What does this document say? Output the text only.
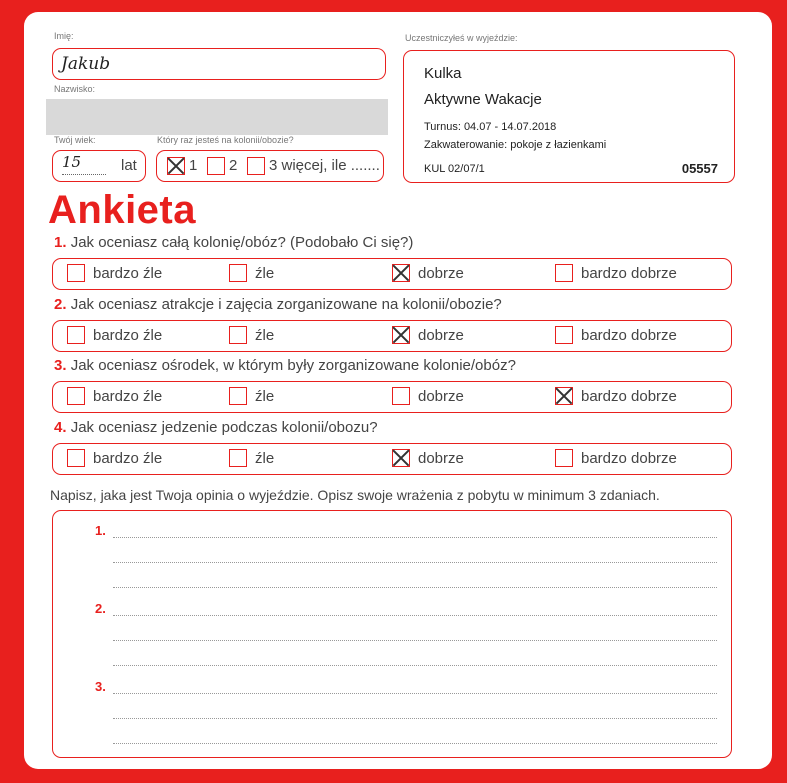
Imię:
Jakub
Nazwisko:
Twój wiek:
15	lat
Który raz jesteś na kolonii/obozie?
1 2 3 więcej, ile .......
Uczestniczyłeś w wyjeździe:
Kulka
Aktywne Wakacje
Turnus: 04.07 - 14.07.2018
Zakwaterowanie: pokoje z łazienkami
KUL 02/07/1	05557
Ankieta
1. Jak oceniasz całą kolonię/obóz? (Podobało Ci się?)
bardzo źle	źle	dobrze	bardzo dobrze
2. Jak oceniasz atrakcje i zajęcia zorganizowane na kolonii/obozie?
bardzo źle	źle	dobrze	bardzo dobrze
3. Jak oceniasz ośrodek, w którym były zorganizowane kolonie/obóz?
bardzo źle	źle	dobrze	bardzo dobrze
4. Jak oceniasz jedzenie podczas kolonii/obozu?
bardzo źle	źle	dobrze	bardzo dobrze
Napisz, jaka jest Twoja opinia o wyjeździe. Opisz swoje wrażenia z pobytu w minimum 3 zdaniach.
1.
2.
3.
